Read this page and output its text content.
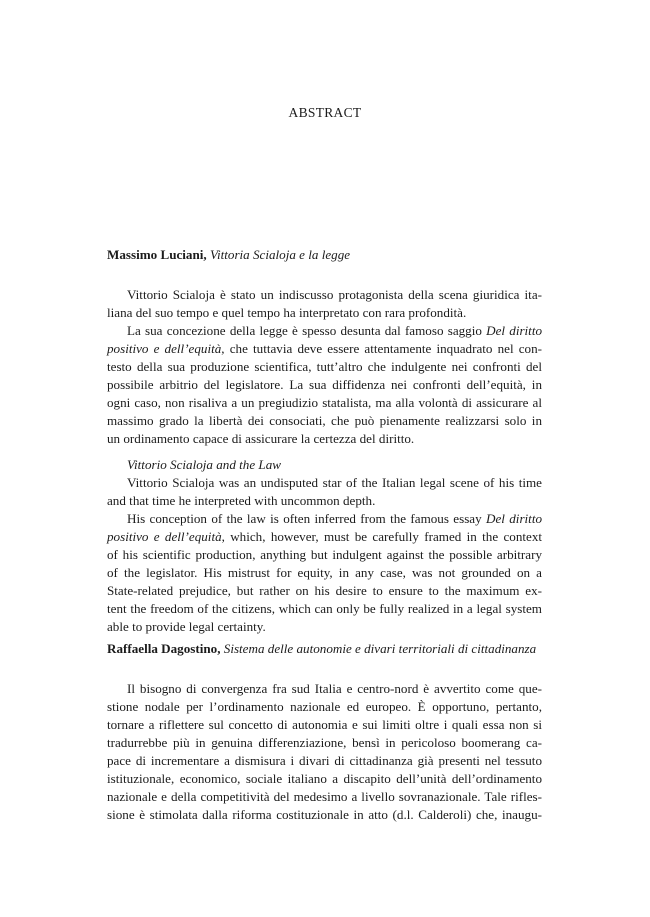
ABSTRACT

Massimo Luciani, Vittoria Scialoja e la legge

Vittorio Scialoja è stato un indiscusso protagonista della scena giuridica ita-
liana del suo tempo e quel tempo ha interpretato con rara profondità.
La sua concezione della legge è spesso desunta dal famoso saggio Del diritto
positivo e dell’equità, che tuttavia deve essere attentamente inquadrato nel con-
testo della sua produzione scientifica, tutt’altro che indulgente nei confronti del
possibile arbitrio del legislatore. La sua diffidenza nei confronti dell’equità, in
ogni caso, non risaliva a un pregiudizio statalista, ma alla volontà di assicurare al
massimo grado la libertà dei consociati, che può pienamente realizzarsi solo in
un ordinamento capace di assicurare la certezza del diritto.

Vittorio Scialoja and the Law

Vittorio Scialoja was an undisputed star of the Italian legal scene of his time
and that time he interpreted with uncommon depth.
His conception of the law is often inferred from the famous essay Del diritto
positivo e dell’equità, which, however, must be carefully framed in the context
of his scientific production, anything but indulgent against the possible arbitrary
of the legislator. His mistrust for equity, in any case, was not grounded on a
State-related prejudice, but rather on his desire to ensure to the maximum ex-
tent the freedom of the citizens, which can only be fully realized in a legal system
able to provide legal certainty.

Raffaella Dagostino, Sistema delle autonomie e divari territoriali di cittadinanza

Il bisogno di convergenza fra sud Italia e centro-nord è avvertito come que-
stione nodale per l’ordinamento nazionale ed europeo. È opportuno, pertanto,
tornare a riflettere sul concetto di autonomia e sui limiti oltre i quali essa non si
tradurrebbe più in genuina differenziazione, bensì in pericoloso boomerang ca-
pace di incrementare a dismisura i divari di cittadinanza già presenti nel tessuto
istituzionale, economico, sociale italiano a discapito dell’unità dell’ordinamento
nazionale e della competitività del medesimo a livello sovranazionale. Tale rifles-
sione è stimolata dalla riforma costituzionale in atto (d.l. Calderoli) che, inaugu-
